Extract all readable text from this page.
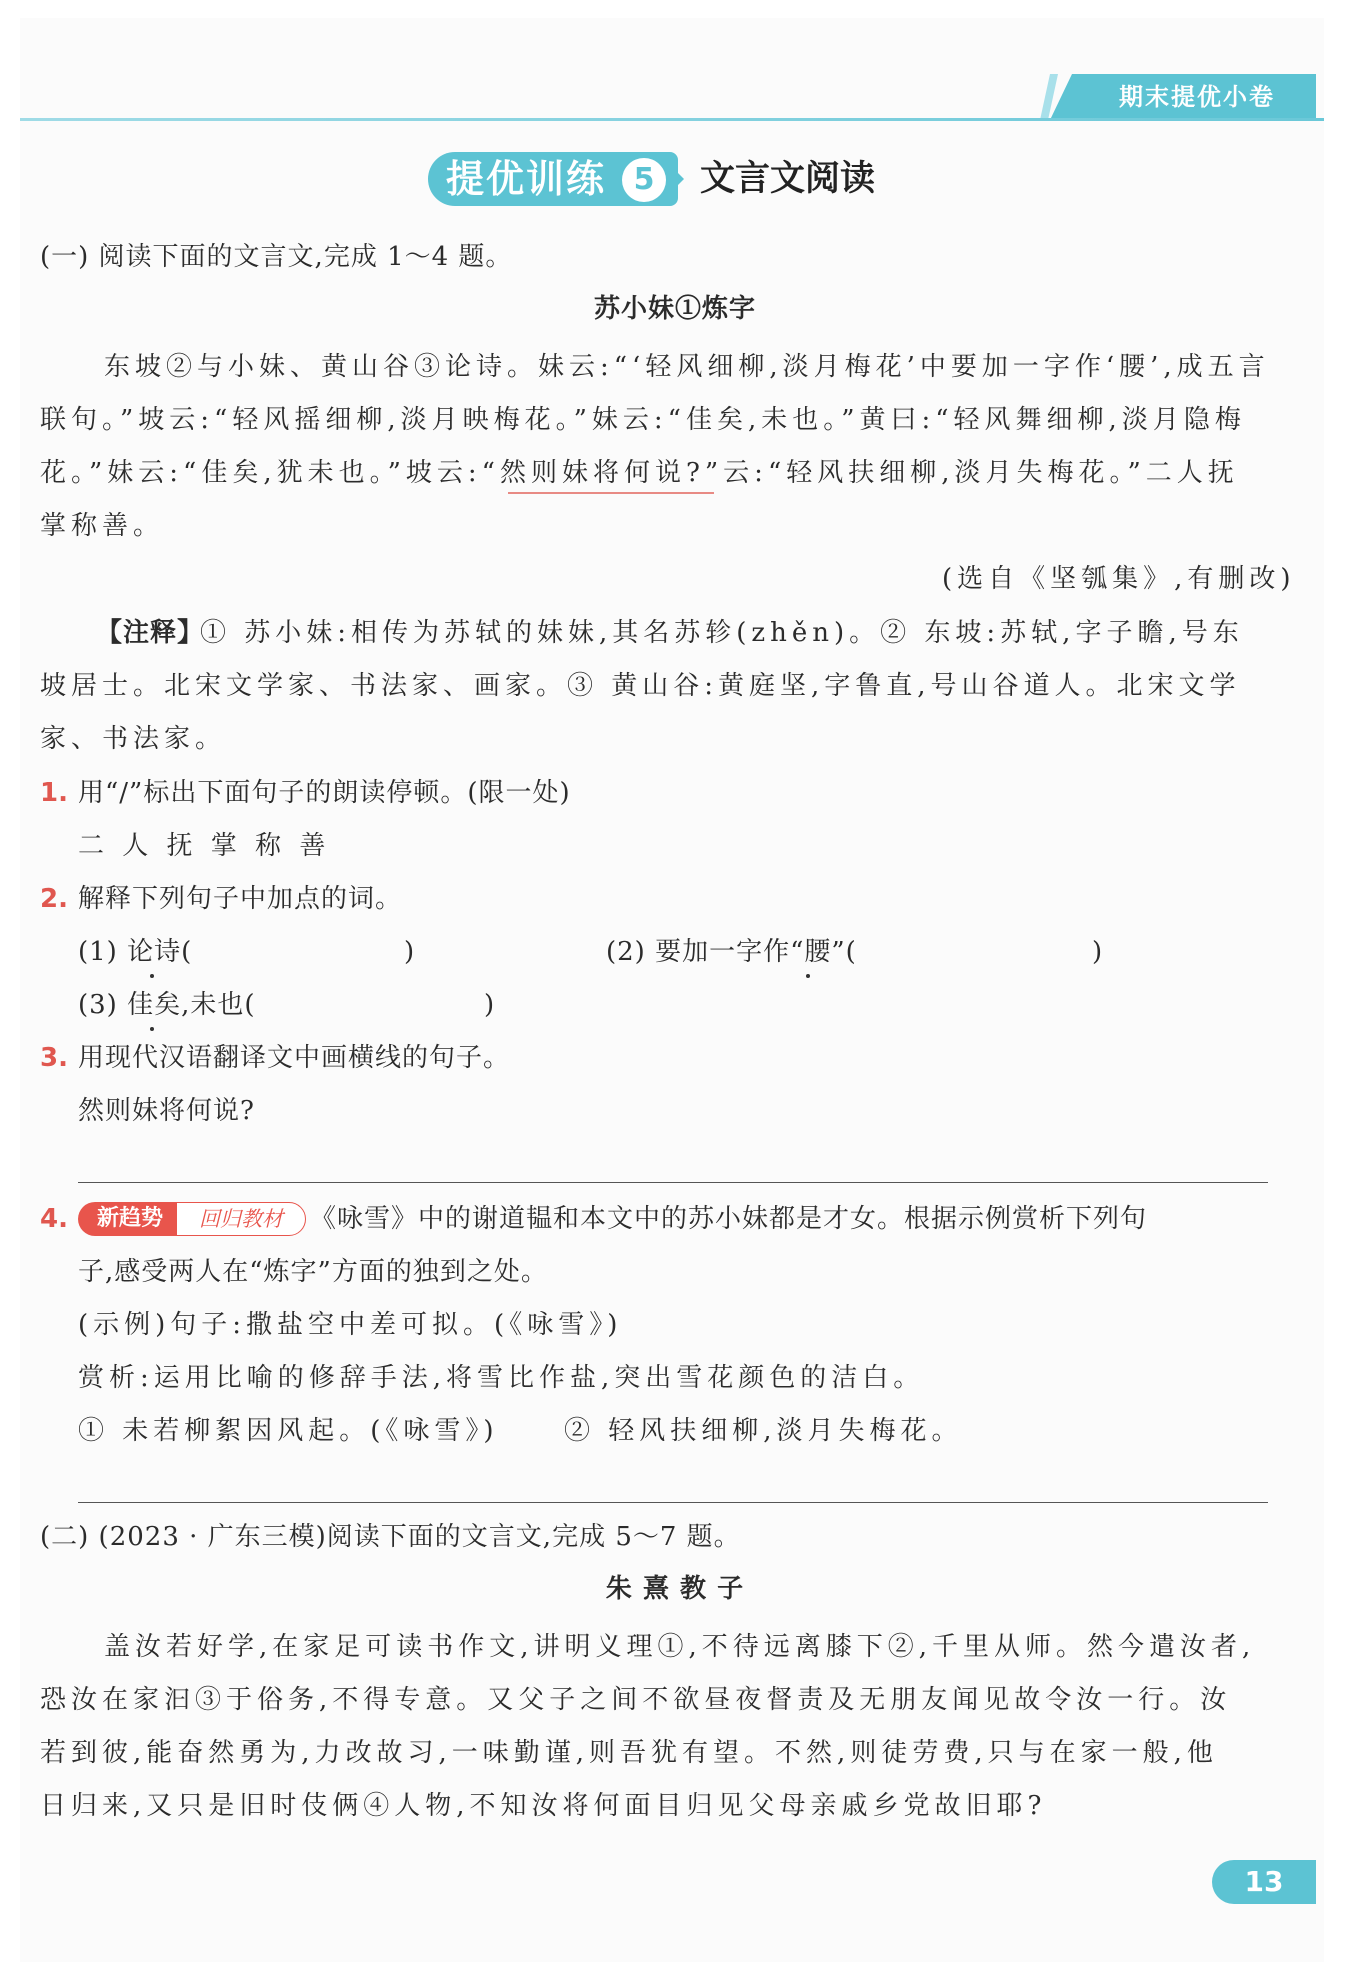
期末提优小卷
提优训练 5	文言文阅读
(一) 阅读下面的文言文,完成 1～4 题。
苏小妹①炼字
东坡②与小妹、黄山谷③论诗。妹云:“‘轻风细柳,淡月梅花’中要加一字作‘腰’,成五言
联句。”坡云:“轻风摇细柳,淡月映梅花。”妹云:“佳矣,未也。”黄曰:“轻风舞细柳,淡月隐梅
花。”妹云:“佳矣,犹未也。”坡云:“然则妹将何说?”云:“轻风扶细柳,淡月失梅花。”二人抚
掌称善。
(选自《坚瓠集》,有删改)
【注释】
① 苏小妹:相传为苏轼的妹妹,其名苏轸(zhěn)。② 东坡:苏轼,字子瞻,号东
坡居士。北宋文学家、书法家、画家。③ 黄山谷:黄庭坚,字鲁直,号山谷道人。北宋文学
家、书法家。
1. 用“/”标出下面句子的朗读停顿。(限一处)
二 人 抚 掌 称 善
2. 解释下列句子中加点的词。
(1) 论诗(	)	(2) 要加一字作“腰”(	)
(3) 佳矣,未也(	)
3. 用现代汉语翻译文中画横线的句子。
然则妹将何说?
4.	新趋势	回归教材	《咏雪》中的谢道韫和本文中的苏小妹都是才女。根据示例赏析下列句
子,感受两人在“炼字”方面的独到之处。
(示例)句子:撒盐空中差可拟。(《咏雪》)
赏析:运用比喻的修辞手法,将雪比作盐,突出雪花颜色的洁白。
① 未若柳絮因风起。(《咏雪》)	② 轻风扶细柳,淡月失梅花。
(二) (2023 · 广东三模)阅读下面的文言文,完成 5～7 题。
朱 熹 教 子
盖汝若好学,在家足可读书作文,讲明义理①,不待远离膝下②,千里从师。然今遣汝者,
恐汝在家汩③于俗务,不得专意。又父子之间不欲昼夜督责及无朋友闻见故令汝一行。汝
若到彼,能奋然勇为,力改故习,一味勤谨,则吾犹有望。不然,则徒劳费,只与在家一般,他
日归来,又只是旧时伎俩④人物,不知汝将何面目归见父母亲戚乡党故旧耶?
13
